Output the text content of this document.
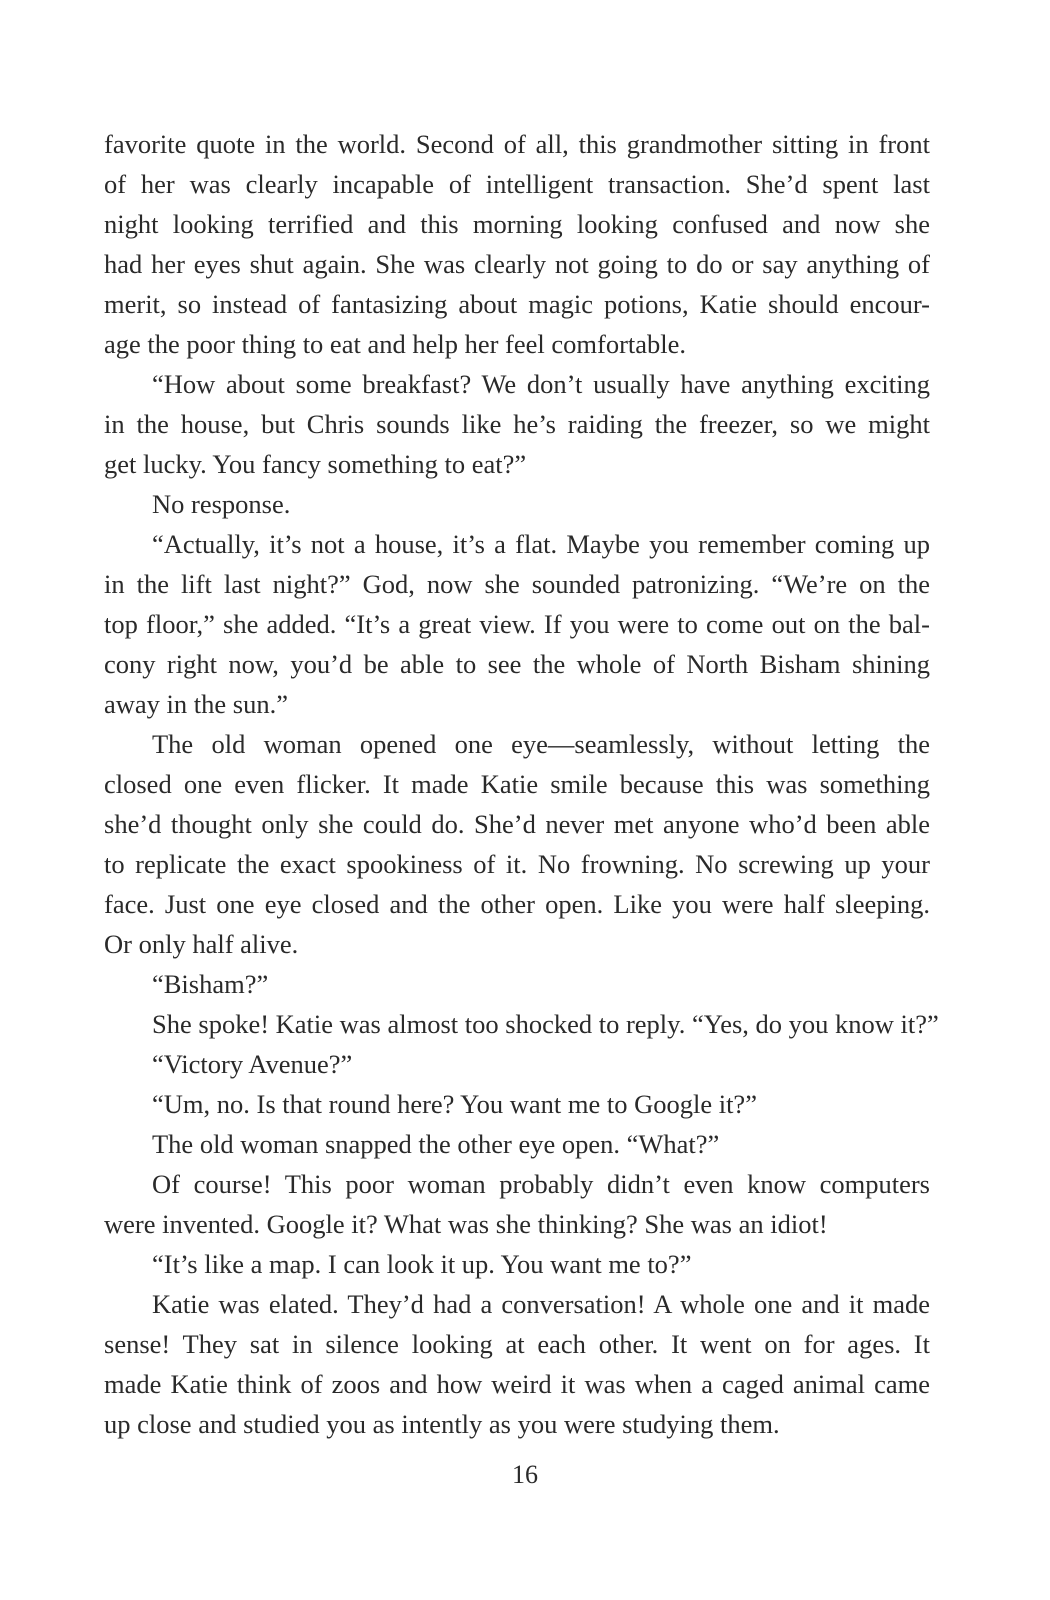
favorite quote in the world. Second of all, this grandmother sitting in front
of her was clearly incapable of intelligent transaction. She’d spent last
night looking terrified and this morning looking confused and now she
had her eyes shut again. She was clearly not going to do or say anything of
merit, so instead of fantasizing about magic potions, Katie should encour-
age the poor thing to eat and help her feel comfortable.
“How about some breakfast? We don’t usually have anything exciting
in the house, but Chris sounds like he’s raiding the freezer, so we might
get lucky. You fancy something to eat?”
No response.
“Actually, it’s not a house, it’s a flat. Maybe you remember coming up
in the lift last night?” God, now she sounded patronizing. “We’re on the
top floor,” she added. “It’s a great view. If you were to come out on the bal-
cony right now, you’d be able to see the whole of North Bisham shining
away in the sun.”
The old woman opened one eye—seamlessly, without letting the
closed one even flicker. It made Katie smile because this was something
she’d thought only she could do. She’d never met anyone who’d been able
to replicate the exact spookiness of it. No frowning. No screwing up your
face. Just one eye closed and the other open. Like you were half sleeping.
Or only half alive.
“Bisham?”
She spoke! Katie was almost too shocked to reply. “Yes, do you know it?”
“Victory Avenue?”
“Um, no. Is that round here? You want me to Google it?”
The old woman snapped the other eye open. “What?”
Of course! This poor woman probably didn’t even know computers
were invented. Google it? What was she thinking? She was an idiot!
“It’s like a map. I can look it up. You want me to?”
Katie was elated. They’d had a conversation! A whole one and it made
sense! They sat in silence looking at each other. It went on for ages. It
made Katie think of zoos and how weird it was when a caged animal came
up close and studied you as intently as you were studying them.
16
